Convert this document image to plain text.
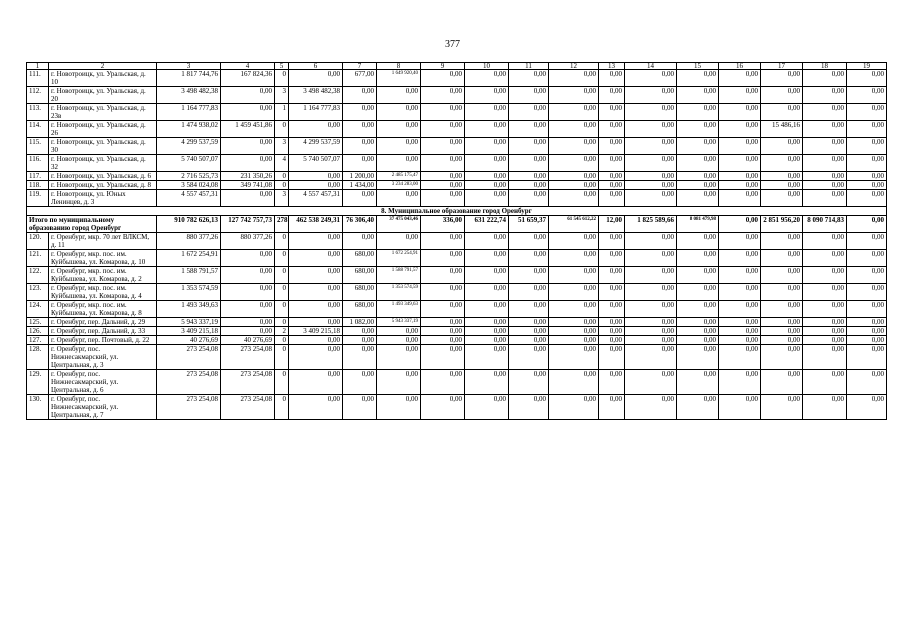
377
1	2	3	4	5	6	7	8	9	10	11	12	13	14	15	16	17	18	19
111.	г. Новотроицк, ул. Уральская, д. 10	1 817 744,76	167 824,36	0	0,00	677,00	1 649 920,40	0,00	0,00	0,00	0,00	0,00	0,00	0,00	0,00	0,00	0,00	0,00
112.	г. Новотроицк, ул. Уральская, д. 20	3 498 482,38	0,00	3	3 498 482,38	0,00	0,00	0,00	0,00	0,00	0,00	0,00	0,00	0,00	0,00	0,00	0,00	0,00
113.	г. Новотроицк, ул. Уральская, д. 23в	1 164 777,83	0,00	1	1 164 777,83	0,00	0,00	0,00	0,00	0,00	0,00	0,00	0,00	0,00	0,00	0,00	0,00	0,00
114.	г. Новотроицк, ул. Уральская, д. 26	1 474 938,02	1 459 451,86	0	0,00	0,00	0,00	0,00	0,00	0,00	0,00	0,00	0,00	0,00	0,00	15 486,16	0,00	0,00
115.	г. Новотроицк, ул. Уральская, д. 30	4 299 537,59	0,00	3	4 299 537,59	0,00	0,00	0,00	0,00	0,00	0,00	0,00	0,00	0,00	0,00	0,00	0,00	0,00
116.	г. Новотроицк, ул. Уральская, д. 32	5 740 507,07	0,00	4	5 740 507,07	0,00	0,00	0,00	0,00	0,00	0,00	0,00	0,00	0,00	0,00	0,00	0,00	0,00
117.	г. Новотроицк, ул. Уральская, д. 6	2 716 525,73	231 350,26	0	0,00	1 200,00	2 485 175,47	0,00	0,00	0,00	0,00	0,00	0,00	0,00	0,00	0,00	0,00	0,00
118.	г. Новотроицк, ул. Уральская, д. 8	3 584 024,08	349 741,08	0	0,00	1 434,00	3 234 283,00	0,00	0,00	0,00	0,00	0,00	0,00	0,00	0,00	0,00	0,00	0,00
119.	г. Новотроицк, ул. Юных Ленинцев, д. 3	4 557 457,31	0,00	3	4 557 457,31	0,00	0,00	0,00	0,00	0,00	0,00	0,00	0,00	0,00	0,00	0,00	0,00	0,00
8. Муниципальное образование город Оренбург																		
Итого по муниципальному образованию город Оренбург		910 782 626,13	127 742 757,73	278	462 538 249,31	76 306,40	37 475 043,46	336,00	631 222,74	51 659,37	61 545 612,22	12,00	1 825 589,66	8 081 479,98	0,00	2 851 956,20	8 090 714,83	0,00
120.	г. Оренбург, мкр. 70 лет ВЛКСМ, д. 11	880 377,26	880 377,26	0	0,00	0,00	0,00	0,00	0,00	0,00	0,00	0,00	0,00	0,00	0,00	0,00	0,00	0,00
121.	г. Оренбург, мкр. пос. им. Куйбышева, ул. Комарова, д. 10	1 672 254,91	0,00	0	0,00	680,00	1 672 254,91	0,00	0,00	0,00	0,00	0,00	0,00	0,00	0,00	0,00	0,00	0,00
122.	г. Оренбург, мкр. пос. им. Куйбышева, ул. Комарова, д. 2	1 588 791,57	0,00	0	0,00	680,00	1 588 791,57	0,00	0,00	0,00	0,00	0,00	0,00	0,00	0,00	0,00	0,00	0,00
123.	г. Оренбург, мкр. пос. им. Куйбышева, ул. Комарова, д. 4	1 353 574,59	0,00	0	0,00	680,00	1 353 574,59	0,00	0,00	0,00	0,00	0,00	0,00	0,00	0,00	0,00	0,00	0,00
124.	г. Оренбург, мкр. пос. им. Куйбышева, ул. Комарова, д. 8	1 493 349,63	0,00	0	0,00	680,00	1 493 349,63	0,00	0,00	0,00	0,00	0,00	0,00	0,00	0,00	0,00	0,00	0,00
125.	г. Оренбург, пер. Дальний, д. 29	5 943 337,19	0,00	0	0,00	1 082,00	5 943 337,19	0,00	0,00	0,00	0,00	0,00	0,00	0,00	0,00	0,00	0,00	0,00
126.	г. Оренбург, пер. Дальний, д. 33	3 409 215,18	0,00	2	3 409 215,18	0,00	0,00	0,00	0,00	0,00	0,00	0,00	0,00	0,00	0,00	0,00	0,00	0,00
127.	г. Оренбург, пер. Почтовый, д. 22	40 276,69	40 276,69	0	0,00	0,00	0,00	0,00	0,00	0,00	0,00	0,00	0,00	0,00	0,00	0,00	0,00	0,00
128.	г. Оренбург, пос. Нижнесакмарский, ул. Центральная, д. 3	273 254,08	273 254,08	0	0,00	0,00	0,00	0,00	0,00	0,00	0,00	0,00	0,00	0,00	0,00	0,00	0,00	0,00
129.	г. Оренбург, пос. Нижнесакмарский, ул. Центральная, д. 6	273 254,08	273 254,08	0	0,00	0,00	0,00	0,00	0,00	0,00	0,00	0,00	0,00	0,00	0,00	0,00	0,00	0,00
130.	г. Оренбург, пос. Нижнесакмарский, ул. Центральная, д. 7	273 254,08	273 254,08	0	0,00	0,00	0,00	0,00	0,00	0,00	0,00	0,00	0,00	0,00	0,00	0,00	0,00	0,00
